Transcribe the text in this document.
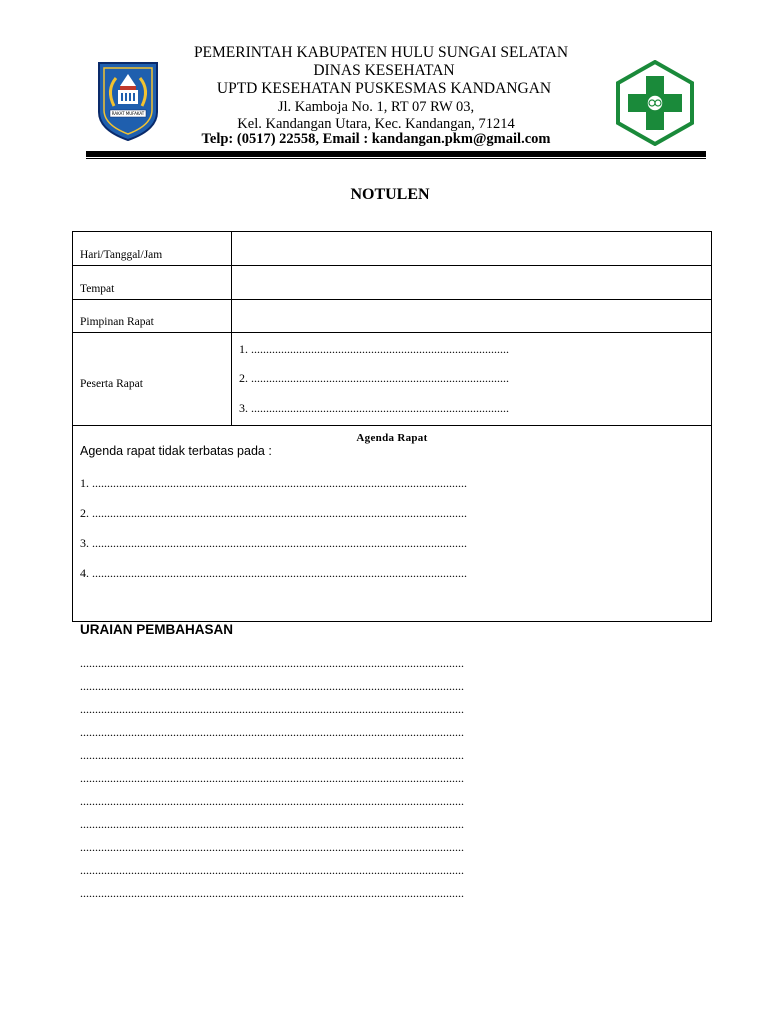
RAKAT MUFAKAT
PEMERINTAH KABUPATEN HULU SUNGAI SELATAN
DINAS KESEHATAN
UPTD KESEHATAN PUSKESMAS KANDANGAN
Jl. Kamboja No. 1, RT 07 RW 03,
Kel. Kandangan Utara, Kec. Kandangan, 71214
Telp: (0517) 22558, Email : kandangan.pkm@gmail.com
NOTULEN
Hari/Tanggal/Jam
Tempat
Pimpinan Rapat
Peserta Rapat
1. ......................................................................................
2. ......................................................................................
3. ......................................................................................
Agenda Rapat
Agenda rapat tidak terbatas pada :
1. .............................................................................................................................
2. .............................................................................................................................
3. .............................................................................................................................
4. .............................................................................................................................
URAIAN PEMBAHASAN
................................................................................................................................
................................................................................................................................
................................................................................................................................
................................................................................................................................
................................................................................................................................
................................................................................................................................
................................................................................................................................
................................................................................................................................
................................................................................................................................
................................................................................................................................
................................................................................................................................
